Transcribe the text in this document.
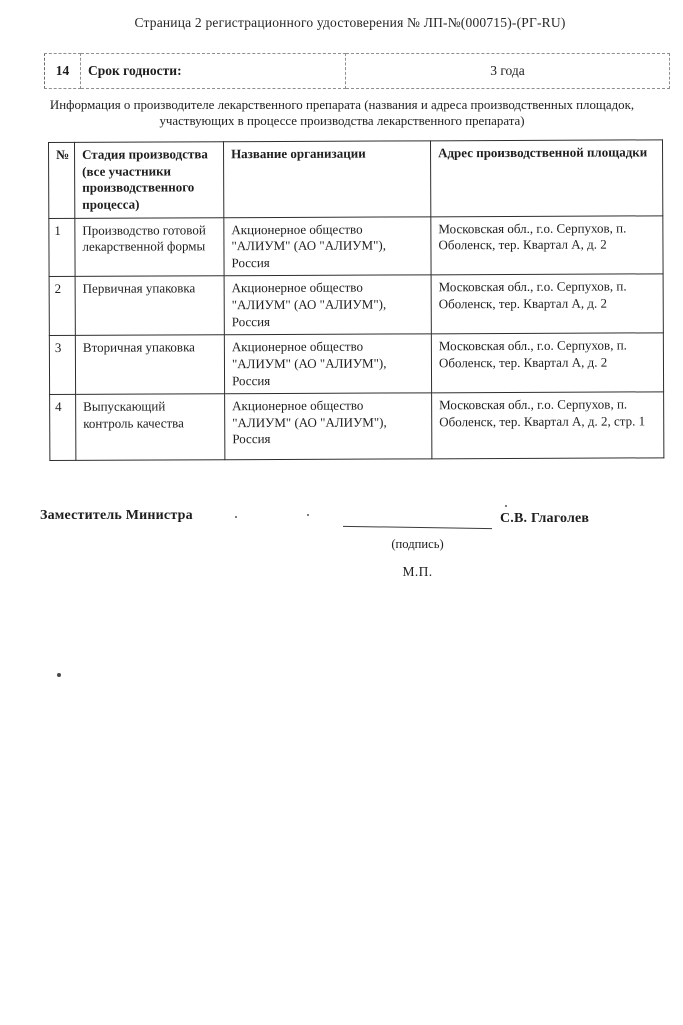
Страница 2 регистрационного удостоверения № ЛП-№(000715)-(РГ-RU)
14	Срок годности:	3 года
Информация о производителе лекарственного препарата (названия и адреса производственных площадок, участвующих в процессе производства лекарственного препарата)
№	Стадия производства (все участники производственного процесса)	Название организации	Адрес производственной площадки
1	Производство готовой лекарственной формы	Акционерное общество "АЛИУМ" (АО "АЛИУМ"), Россия	Московская обл., г.о. Серпухов, п. Оболенск, тер. Квартал А, д. 2
2	Первичная упаковка	Акционерное общество "АЛИУМ" (АО "АЛИУМ"), Россия	Московская обл., г.о. Серпухов, п. Оболенск, тер. Квартал А, д. 2
3	Вторичная упаковка	Акционерное общество "АЛИУМ" (АО "АЛИУМ"), Россия	Московская обл., г.о. Серпухов, п. Оболенск, тер. Квартал А, д. 2
4	Выпускающий контроль качества	Акционерное общество "АЛИУМ" (АО "АЛИУМ"), Россия	Московская обл., г.о. Серпухов, п. Оболенск, тер. Квартал А, д. 2, стр. 1
Заместитель Министра	С.В. Глаголев
(подпись)
М.П.
